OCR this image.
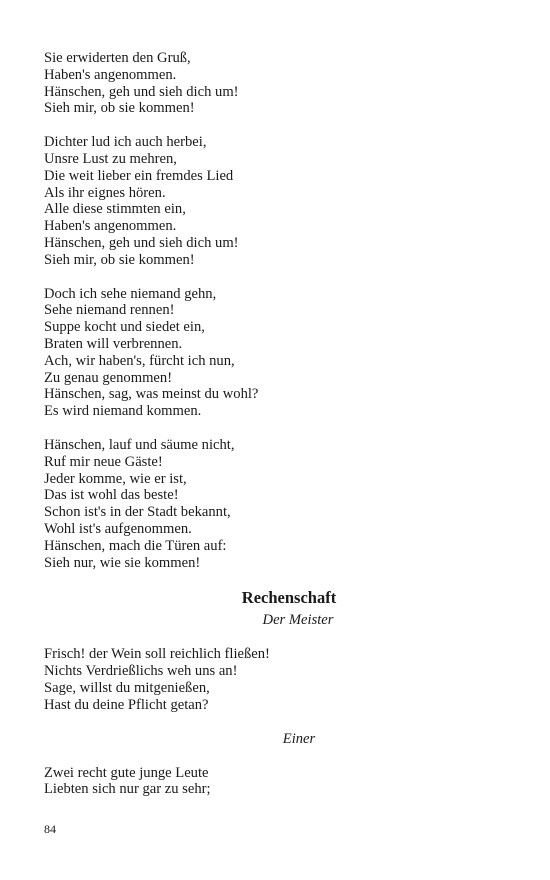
Sie erwiderten den Gruß,
Haben's angenommen.
Hänschen, geh und sieh dich um!
Sieh mir, ob sie kommen!
Dichter lud ich auch herbei,
Unsre Lust zu mehren,
Die weit lieber ein fremdes Lied
Als ihr eignes hören.
Alle diese stimmten ein,
Haben's angenommen.
Hänschen, geh und sieh dich um!
Sieh mir, ob sie kommen!
Doch ich sehe niemand gehn,
Sehe niemand rennen!
Suppe kocht und siedet ein,
Braten will verbrennen.
Ach, wir haben's, fürcht ich nun,
Zu genau genommen!
Hänschen, sag, was meinst du wohl?
Es wird niemand kommen.
Hänschen, lauf und säume nicht,
Ruf mir neue Gäste!
Jeder komme, wie er ist,
Das ist wohl das beste!
Schon ist's in der Stadt bekannt,
Wohl ist's aufgenommen.
Hänschen, mach die Türen auf:
Sieh nur, wie sie kommen!
Rechenschaft
Der Meister
Frisch! der Wein soll reichlich fließen!
Nichts Verdrießlichs weh uns an!
Sage, willst du mitgenießen,
Hast du deine Pflicht getan?
Einer
Zwei recht gute junge Leute
Liebten sich nur gar zu sehr;
84
